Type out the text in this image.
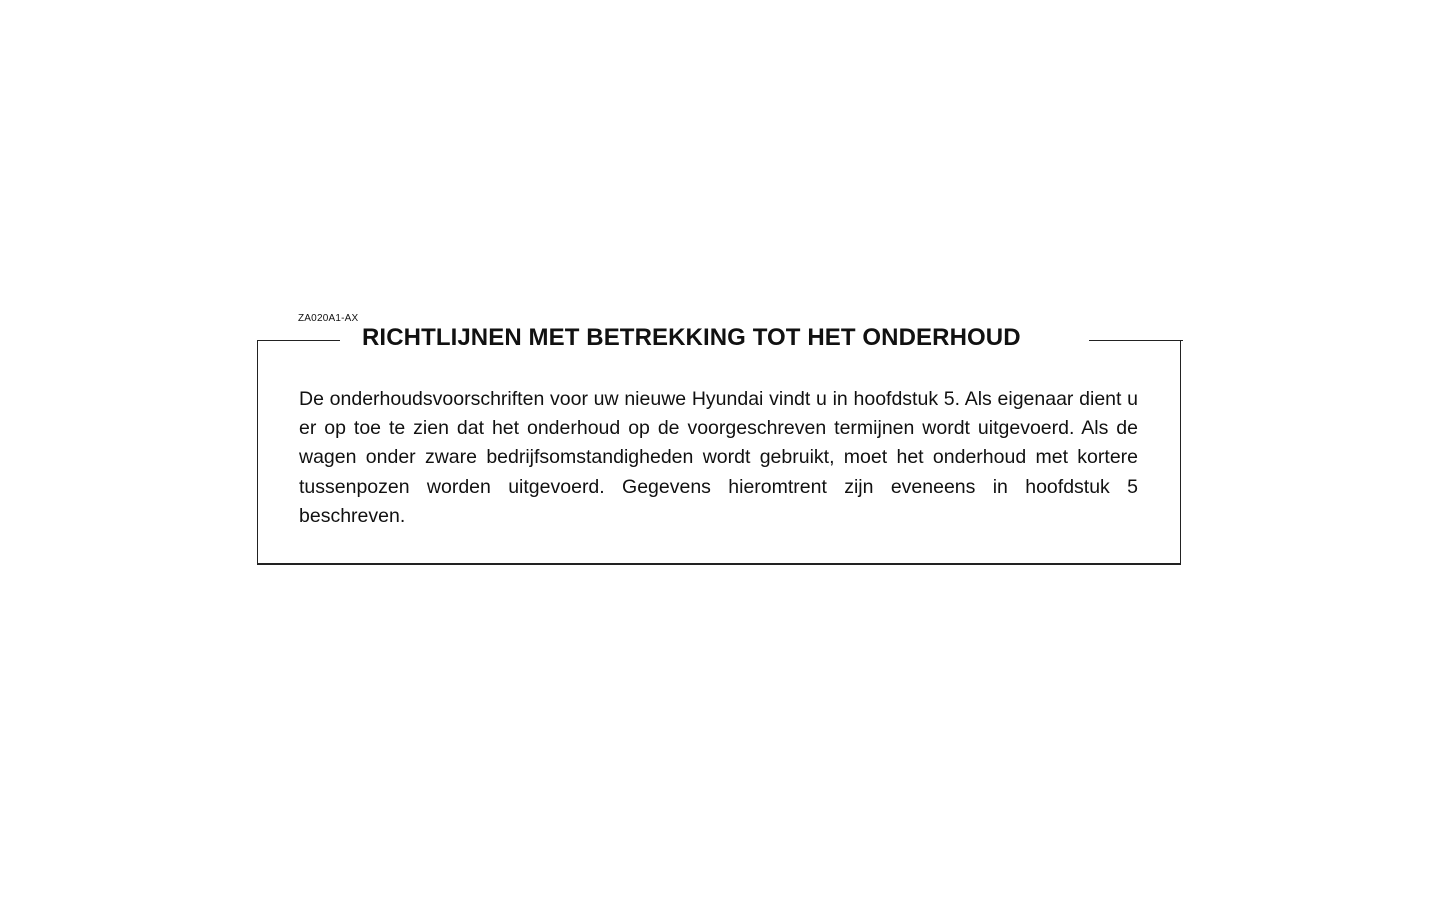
ZA020A1-AX
RICHTLIJNEN MET BETREKKING TOT HET ONDERHOUD
De onderhoudsvoorschriften voor uw nieuwe Hyundai vindt u in hoofdstuk 5. Als eigenaar dient u er op toe te zien dat het onderhoud op de voorgeschreven termijnen wordt uitgevoerd. Als de wagen onder zware bedrijfsomstandigheden wordt gebruikt, moet het onderhoud met kortere tussenpozen worden uitgevoerd. Gegevens hieromtrent zijn eveneens in hoofdstuk 5 beschreven.
